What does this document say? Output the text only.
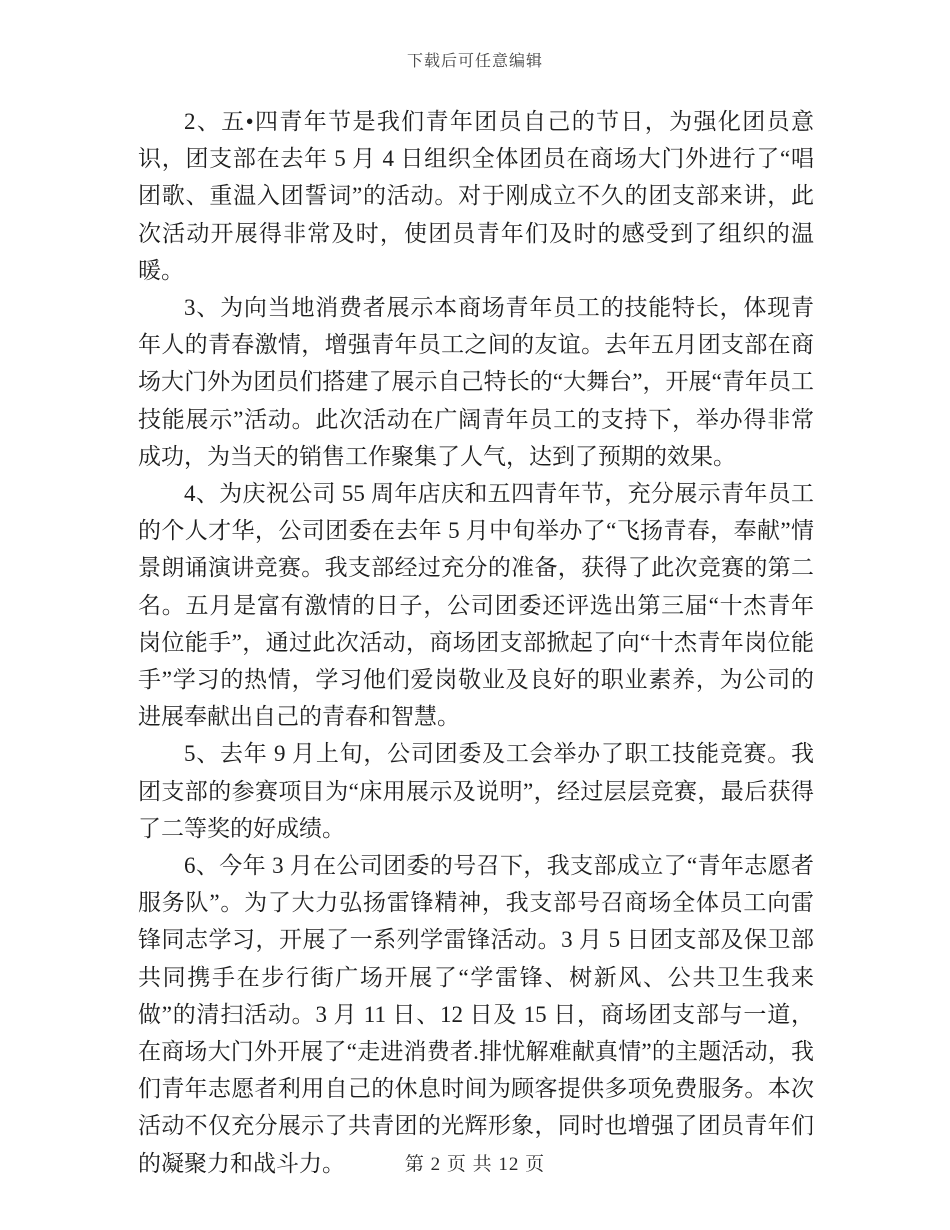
下载后可任意编辑

2、五•四青年节是我们青年团员自己的节日，为强化团员意识，团支部在去年 5 月 4 日组织全体团员在商场大门外进行了“唱团歌、重温入团誓词”的活动。对于刚成立不久的团支部来讲，此次活动开展得非常及时，使团员青年们及时的感受到了组织的温暖。

3、为向当地消费者展示本商场青年员工的技能特长，体现青年人的青春激情，增强青年员工之间的友谊。去年五月团支部在商场大门外为团员们搭建了展示自己特长的“大舞台”，开展“青年员工技能展示”活动。此次活动在广阔青年员工的支持下，举办得非常成功，为当天的销售工作聚集了人气，达到了预期的效果。

4、为庆祝公司 55 周年店庆和五四青年节，充分展示青年员工的个人才华，公司团委在去年 5 月中旬举办了“飞扬青春，奉献”情景朗诵演讲竞赛。我支部经过充分的准备，获得了此次竞赛的第二名。五月是富有激情的日子，公司团委还评选出第三届“十杰青年岗位能手”，通过此次活动，商场团支部掀起了向“十杰青年岗位能手”学习的热情，学习他们爱岗敬业及良好的职业素养，为公司的进展奉献出自己的青春和智慧。

5、去年 9 月上旬，公司团委及工会举办了职工技能竞赛。我团支部的参赛项目为“床用展示及说明”，经过层层竞赛，最后获得了二等奖的好成绩。

6、今年 3 月在公司团委的号召下，我支部成立了“青年志愿者服务队”。为了大力弘扬雷锋精神，我支部号召商场全体员工向雷锋同志学习，开展了一系列学雷锋活动。3 月 5 日团支部及保卫部共同携手在步行街广场开展了“学雷锋、树新风、公共卫生我来做”的清扫活动。3 月 11 日、12 日及 15 日，商场团支部与一道，在商场大门外开展了“走进消费者.排忧解难献真情”的主题活动，我们青年志愿者利用自己的休息时间为顾客提供多项免费服务。本次活动不仅充分展示了共青团的光辉形象，同时也增强了团员青年们的凝聚力和战斗力。	第 2 页 共 12 页
